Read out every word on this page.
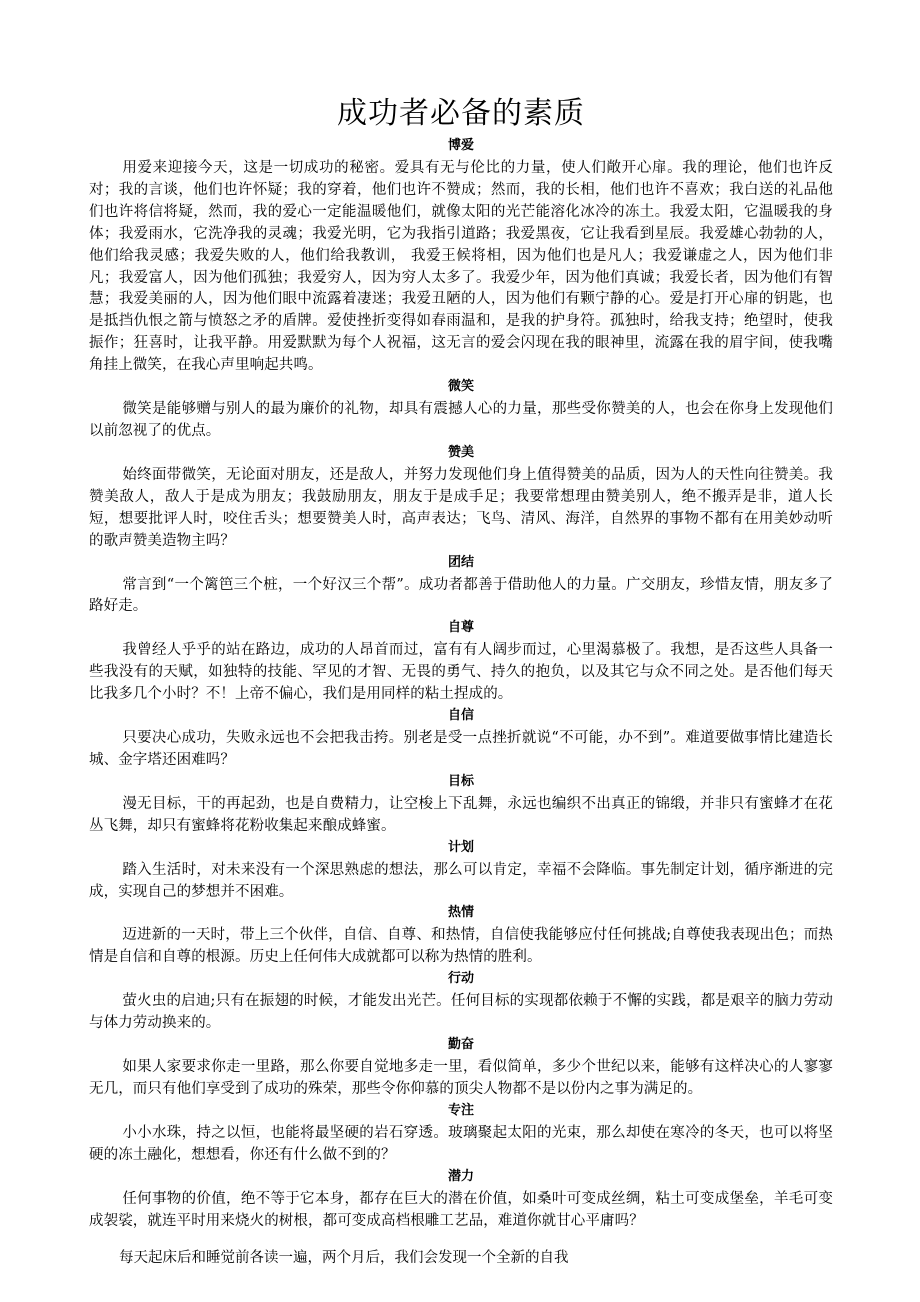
成功者必备的素质
博爱

用爱来迎接今天，这是一切成功的秘密。爱具有无与伦比的力量，使人们敞开心扉。我的理论，他们也许反对；我的言谈，他们也许怀疑；我的穿着，他们也许不赞成；然而，我的长相，他们也许不喜欢；我白送的礼品他们也许将信将疑，然而，我的爱心一定能温暖他们，就像太阳的光芒能溶化冰冷的冻土。我爱太阳，它温暖我的身体；我爱雨水，它洗净我的灵魂；我爱光明，它为我指引道路；我爱黑夜，它让我看到星辰。我爱雄心勃勃的人，他们给我灵感；我爱失败的人，他们给我教训， 我爱王候将相，因为他们也是凡人；我爱谦虚之人，因为他们非凡；我爱富人，因为他们孤独；我爱穷人，因为穷人太多了。我爱少年，因为他们真诚；我爱长者，因为他们有智慧；我爱美丽的人，因为他们眼中流露着凄迷；我爱丑陋的人，因为他们有颗宁静的心。爱是打开心扉的钥匙，也是抵挡仇恨之箭与愤怒之矛的盾牌。爱使挫折变得如春雨温和，是我的护身符。孤独时，给我支持；绝望时，使我振作；狂喜时，让我平静。用爱默默为每个人祝福，这无言的爱会闪现在我的眼神里，流露在我的眉宇间，使我嘴角挂上微笑，在我心声里响起共鸣。

微笑

微笑是能够赠与别人的最为廉价的礼物，却具有震撼人心的力量，那些受你赞美的人，也会在你身上发现他们以前忽视了的优点。

赞美

始终面带微笑，无论面对朋友，还是敌人，并努力发现他们身上值得赞美的品质，因为人的天性向往赞美。我赞美敌人，敌人于是成为朋友；我鼓励朋友，朋友于是成手足；我要常想理由赞美别人，绝不搬弄是非，道人长短，想要批评人时，咬住舌头；想要赞美人时，高声表达；飞鸟、清风、海洋，自然界的事物不都有在用美妙动听的歌声赞美造物主吗？

团结

常言到“一个篱笆三个桩，一个好汉三个帮”。成功者都善于借助他人的力量。广交朋友，珍惜友情，朋友多了路好走。

自尊

我曾经人乎乎的站在路边，成功的人昂首而过，富有有人阔步而过，心里渴慕极了。我想，是否这些人具备一些我没有的天赋，如独特的技能、罕见的才智、无畏的勇气、持久的抱负，以及其它与众不同之处。是否他们每天比我多几个小时？不！上帝不偏心，我们是用同样的粘土捏成的。

自信

只要决心成功，失败永远也不会把我击挎。别老是受一点挫折就说“不可能，办不到”。难道要做事情比建造长城、金字塔还困难吗？

目标

漫无目标，干的再起劲，也是自费精力，让空梭上下乱舞，永远也编织不出真正的锦缎，并非只有蜜蜂才在花丛飞舞，却只有蜜蜂将花粉收集起来酿成蜂蜜。

计划

踏入生活时，对未来没有一个深思熟虑的想法，那么可以肯定，幸福不会降临。事先制定计划，循序渐进的完成，实现自己的梦想并不困难。

热情

迈进新的一天时，带上三个伙伴，自信、自尊、和热情，自信使我能够应付任何挑战;自尊使我表现出色；而热情是自信和自尊的根源。历史上任何伟大成就都可以称为热情的胜利。

行动

萤火虫的启迪;只有在振翅的时候，才能发出光芒。任何目标的实现都依赖于不懈的实践，都是艰辛的脑力劳动与体力劳动换来的。

勤奋

如果人家要求你走一里路，那么你要自觉地多走一里，看似简单，多少个世纪以来，能够有这样决心的人寥寥无几，而只有他们享受到了成功的殊荣，那些令你仰慕的顶尖人物都不是以份内之事为满足的。

专注

小小水珠，持之以恒，也能将最坚硬的岩石穿透。玻璃聚起太阳的光束，那么却使在寒冷的冬天，也可以将坚硬的冻土融化，想想看，你还有什么做不到的？

潜力

任何事物的价值，绝不等于它本身，都存在巨大的潜在价值，如桑叶可变成丝绸，粘土可变成堡垒，羊毛可变成袈裟，就连平时用来烧火的树根，都可变成高档根雕工艺品，难道你就甘心平庸吗？

每天起床后和睡觉前各读一遍，两个月后，我们会发现一个全新的自我
